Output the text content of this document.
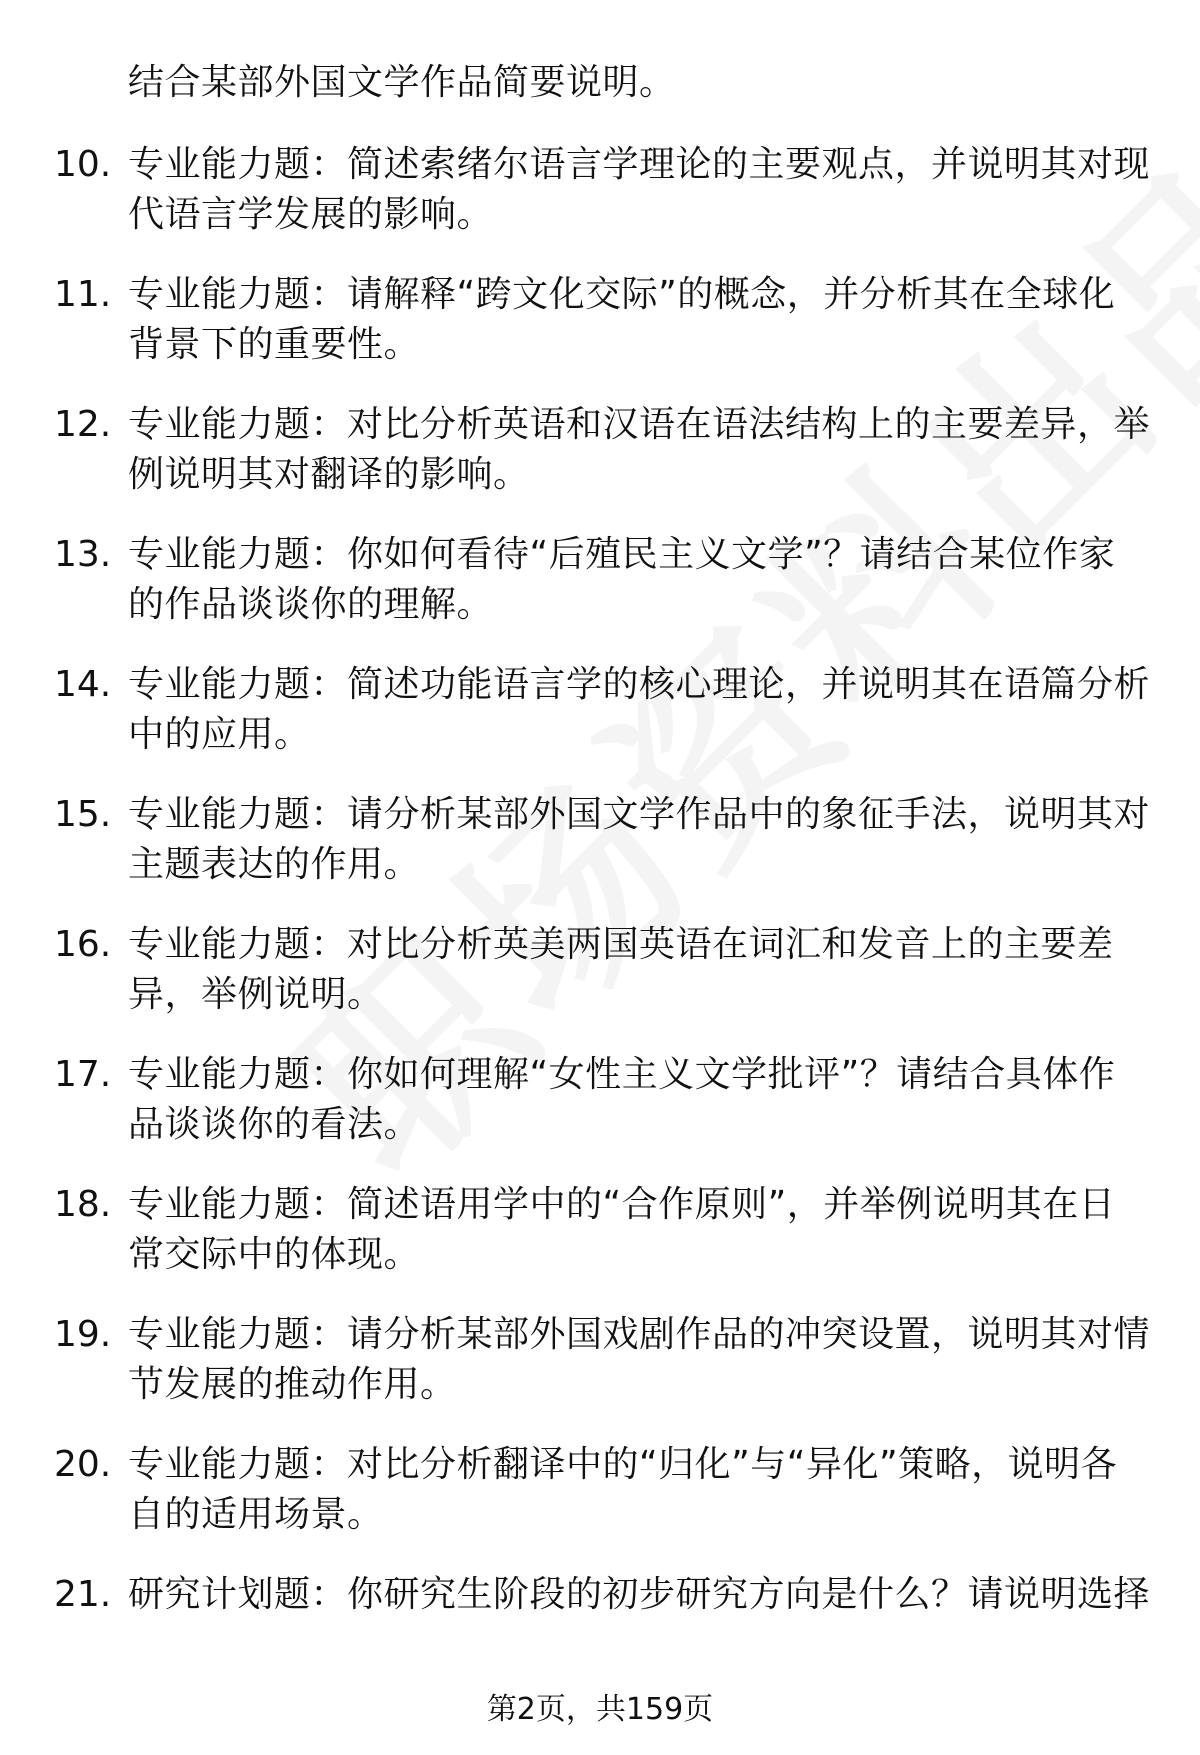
结合某部外国文学作品简要说明。
10. 专业能力题：简述索绪尔语言学理论的主要观点，并说明其对现代语言学发展的影响。
11. 专业能力题：请解释“跨文化交际”的概念，并分析其在全球化背景下的重要性。
12. 专业能力题：对比分析英语和汉语在语法结构上的主要差异，举例说明其对翻译的影响。
13. 专业能力题：你如何看待“后殖民主义文学”？请结合某位作家的作品谈谈你的理解。
14. 专业能力题：简述功能语言学的核心理论，并说明其在语篇分析中的应用。
15. 专业能力题：请分析某部外国文学作品中的象征手法，说明其对主题表达的作用。
16. 专业能力题：对比分析英美两国英语在词汇和发音上的主要差异，举例说明。
17. 专业能力题：你如何理解“女性主义文学批评”？请结合具体作品谈谈你的看法。
18. 专业能力题：简述语用学中的“合作原则”，并举例说明其在日常交际中的体现。
19. 专业能力题：请分析某部外国戏剧作品的冲突设置，说明其对情节发展的推动作用。
20. 专业能力题：对比分析翻译中的“归化”与“异化”策略，说明各自的适用场景。
21. 研究计划题：你研究生阶段的初步研究方向是什么？请说明选择
第2页，共159页
